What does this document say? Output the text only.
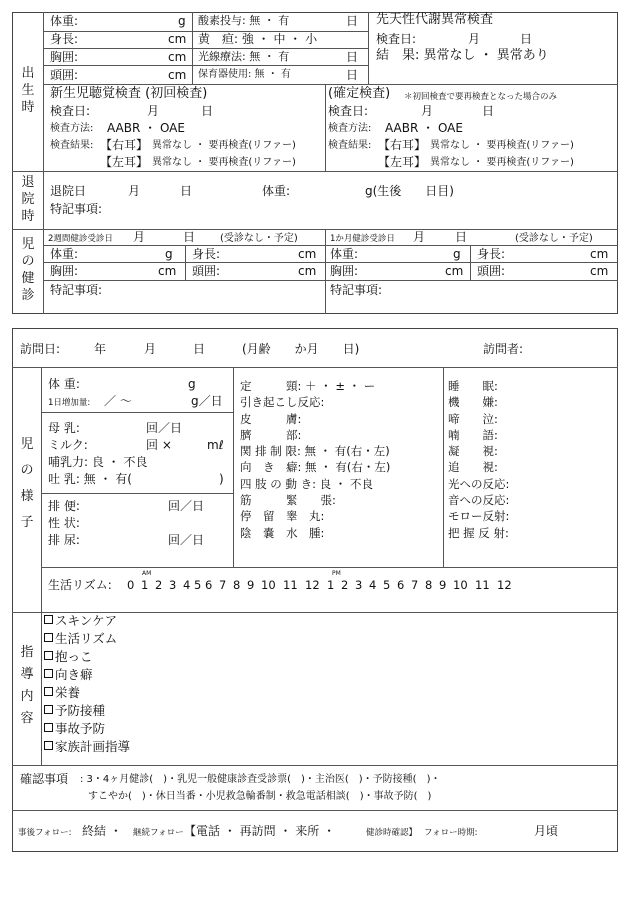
出
生
時
体重:	g
身長:	cm
胸囲:	cm
頭囲:	cm
酸素投与: 無 ・ 有	日
黄　疸: 強 ・ 中 ・ 小
光線療法: 無 ・ 有	日
保育器使用: 無 ・ 有	日
先天性代謝異常検査
検査日:	月	日
結　果: 異常なし ・ 異常あり
新生児聴覚検査 (初回検査)
検査日:	月	日
検査方法: AABR ・ OAE
検査結果: 【右耳】 異常なし ・ 要再検査(リファー)
【左耳】 異常なし ・ 要再検査(リファー)
(確定検査) ＊初回検査で要再検査となった場合のみ
検査日:	月	日
検査方法: AABR ・ OAE
検査結果: 【右耳】 異常なし ・ 要再検査(リファー)
【左耳】 異常なし ・ 要再検査(リファー)
退
院
時
退院日	月	日	体重:	g(生後　　日目)
特記事項:
児
の
健
診
2週間健診受診日 月	日 (受診なし・予定)
体重:	g 身長:	cm
胸囲:	cm 頭囲:	cm
特記事項:
1か月健診受診日 月 日	(受診なし・予定)
体重:	g 身長:	cm
胸囲:	cm 頭囲:	cm
特記事項:
訪問日:	年	月	日	(月齢　　か月　　日)	訪問者:
児
の
様
子
体 重:	g
1日増加量: ／ ～	g／日
母 乳:	回／日
ミルク:	回 ×	mℓ
哺乳力: 良 ・ 不良
吐 乳: 無 ・ 有(	)
排 便:	回／日
性 状:
排 尿:	回／日
定　　　頸: ＋ ・ ± ・ ー
引き起こし反応:
皮　　　膚:
臍　　　部:
関 排 制 限: 無 ・ 有(右・左)
向　き　癖: 無 ・ 有(右・左)
四 肢 の 動 き: 良 ・ 不良
筋　　　緊　　張:
停　留　睾　丸:
陰　嚢　水　腫:
睡　　眠:
機　　嫌:
啼　　泣:
喃　　語:
凝　　視:
追　　視:
光への反応:
音への反応:
モロー反射:
把 握 反 射:
生活リズム:
AM	PM
0 1 2 3 4 5 6 7 8 9 10 11 12 1 2 3 4 5 6 7 8 9 10 11 12
指
導
内
容
スキンケア
生活リズム
抱っこ
向き癖
栄養
予防接種
事故予防
家族計画指導
確認事項 : 3・4ヶ月健診(　)・乳児一般健康診査受診票(　)・主治医(　)・予防接種(　)・
すこやか(　)・休日当番・小児救急輪番制・救急電話相談(　)・事故予防(　)
事後フォロー: 終結 ・ 継続フォロー 【電話 ・ 再訪問 ・ 来所 ・	健診時確認】 フォロー時期:	月頃
